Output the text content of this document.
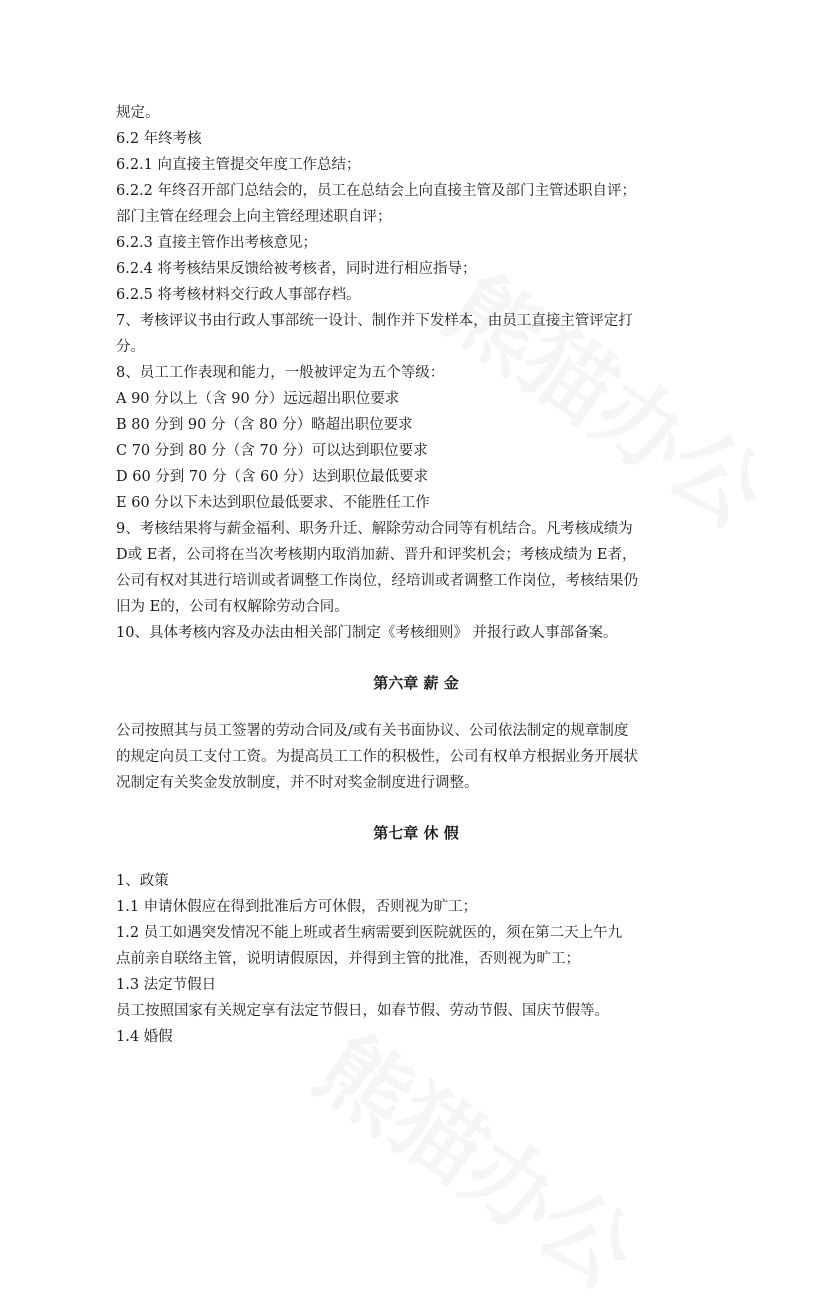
规定。
6.2 年终考核
6.2.1 向直接主管提交年度工作总结；
6.2.2 年终召开部门总结会的，员工在总结会上向直接主管及部门主管述职自评；
部门主管在经理会上向主管经理述职自评；
6.2.3 直接主管作出考核意见；
6.2.4 将考核结果反馈给被考核者，同时进行相应指导；
6.2.5 将考核材料交行政人事部存档。
7、考核评议书由行政人事部统一设计、制作并下发样本，由员工直接主管评定打
分。
8、员工工作表现和能力，一般被评定为五个等级：
A 90 分以上（含 90 分）远远超出职位要求
B 80 分到 90 分（含 80 分）略超出职位要求
C 70 分到 80 分（含 70 分）可以达到职位要求
D 60 分到 70 分（含 60 分）达到职位最低要求
E 60 分以下未达到职位最低要求、不能胜任工作
9、考核结果将与薪金福利、职务升迁、解除劳动合同等有机结合。凡考核成绩为
D或 E者，公司将在当次考核期内取消加薪、晋升和评奖机会；考核成绩为 E者，
公司有权对其进行培训或者调整工作岗位，经培训或者调整工作岗位，考核结果仍
旧为 E的，公司有权解除劳动合同。
10、具体考核内容及办法由相关部门制定《考核细则》 并报行政人事部备案。
第六章 薪 金
公司按照其与员工签署的劳动合同及/或有关书面协议、公司依法制定的规章制度
的规定向员工支付工资。为提高员工工作的积极性，公司有权单方根据业务开展状
况制定有关奖金发放制度，并不时对奖金制度进行调整。
第七章 休 假
1、政策
1.1 申请休假应在得到批准后方可休假，否则视为旷工；
1.2 员工如遇突发情况不能上班或者生病需要到医院就医的，须在第二天上午九
点前亲自联络主管，说明请假原因，并得到主管的批准，否则视为旷工；
1.3 法定节假日
员工按照国家有关规定享有法定节假日，如春节假、劳动节假、国庆节假等。
1.4 婚假
